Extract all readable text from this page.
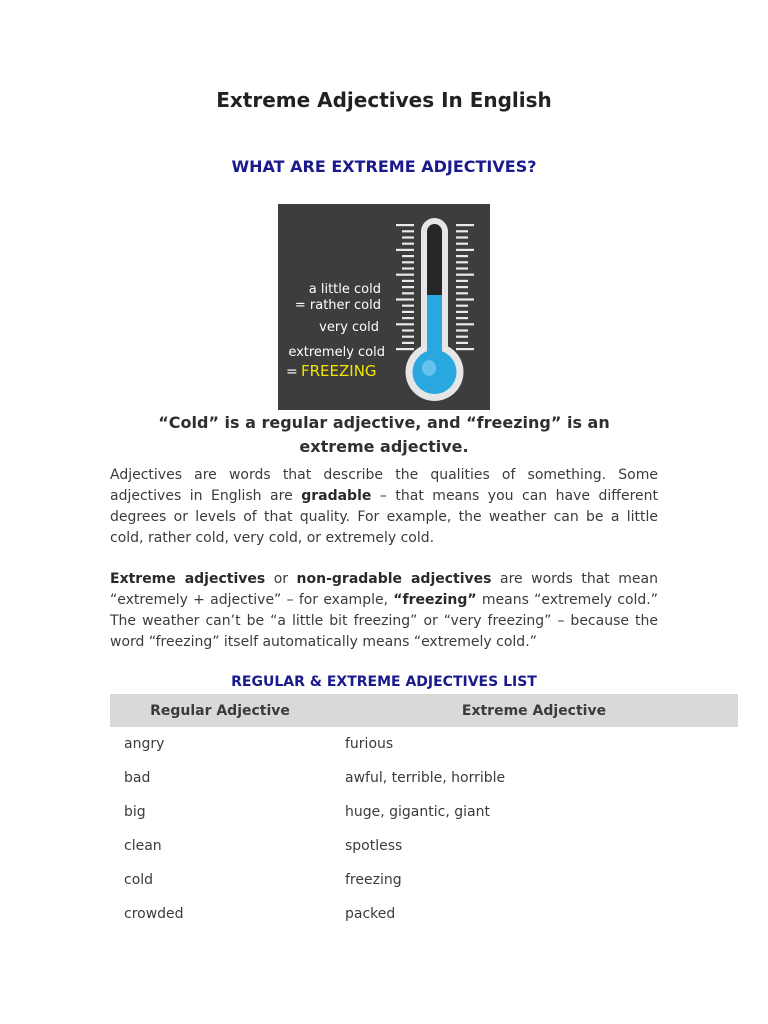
Extreme Adjectives In English
WHAT ARE EXTREME ADJECTIVES?
a little cold
= rather cold
very cold
extremely cold
= FREEZING
“Cold” is a regular adjective, and “freezing” is an extreme adjective.

Adjectives are words that describe the qualities of something. Some adjectives in English are gradable – that means you can have different degrees or levels of that quality. For example, the weather can be a little cold, rather cold, very cold, or extremely cold.

Extreme adjectives or non-gradable adjectives are words that mean “extremely + adjective” – for example, “freezing” means “extremely cold.” The weather can’t be “a little bit freezing” or “very freezing” – because the word “freezing” itself automatically means “extremely cold.”

REGULAR & EXTREME ADJECTIVES LIST
Regular Adjective	Extreme Adjective
angry	furious
bad	awful, terrible, horrible
big	huge, gigantic, giant
clean	spotless
cold	freezing
crowded	packed
